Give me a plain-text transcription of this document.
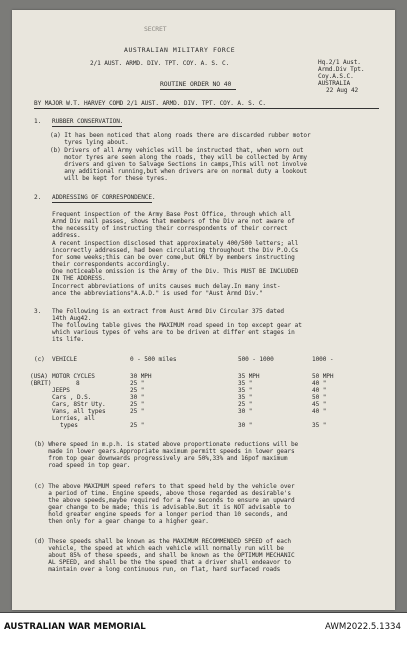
SECRET
AUSTRALIAN MILITARY FORCE
2/1 AUST. ARMD. DIV. TPT. COY. A. S. C.	Hq.2/1 Aust.
Armd.Div Tpt.
Coy.A.S.C.
AUSTRALIA
22 Aug 42
ROUTINE ORDER NO 40
BY MAJOR W.T. HARVEY COMD 2/1 AUST. ARMD. DIV. TPT. COY. A. S. C.
1. RUBBER CONSERVATION.
(a) It has been noticed that along roads there are discarded rubber motor
tyres lying about.
(b) Drivers of all Army vehicles will be instructed that, when worn out
motor tyres are seen along the roads, they will be collected by Army
drivers and given to Salvage Sections in camps,This will not involve
any additional running,but when drivers are on normal duty a lookout
will be kept for these tyres.
2. ADDRESSING OF CORRESPONDENCE.
Frequent inspection of the Army Base Post Office, through which all
Armd Div mail passes, shows that members of the Div are not aware of
the necessity of instructing their correspondents of their correct
address.
A recent inspection disclosed that approximately 400/500 letters; all
incorrectly addressed, had been circulating throughout the Div P.O.Cs
for some weeks;this can be over come,but ONLY by members instructing
their correspondents accordingly.
One noticeable omission is the Army of the Div. This MUST BE INCLUDED
IN THE ADDRESS.
Incorrect abbreviations of units causes much delay.In many inst-
ance the abbreviations"A.A.D." is used for "Aust Armd Div."
3. The Following is an extract from Aust Armd Div Circular 375 dated
14th Aug42.
The following table gives the MAXIMUM road speed in top except gear at
which various types of vehs are to be driven at differ ent stages in
its life.
(c) VEHICLE	0 - 500 miles	500 - 1000	1000 -
(USA)
(BRIT)
MOTOR CYCLES	30 MPH	35 MPH	50 MPH
8	25 "	35 "	40 "
JEEPS	25 "	35 "	40 "
Cars , D.S.	30 "	35 "	50 "
Cars, 8Str Uty.	25 "	25 "	45 "
Vans, all types	25 "	30 "	40 "
Lorries, all
types	25 "	30 "	35 "
(b) Where speed in m.p.h. is stated above proportionate reductions will be
made in lower gears.Appropriate maximum permitt speeds in lower gears
from top gear downwards progressively are 50%,33% and 16pof maximum
road speed in top gear.
(c) The above MAXIMUM speed refers to that speed held by the vehicle over
a period of time. Engine speeds, above those regarded as desirable's
the above speeds,maybe required for a few seconds to ensure an upward
gear change to be made; this is advisable.But it is NOT advisable to
hold greater engine speeds for a longer period than 10 seconds, and
then only for a gear change to a higher gear.
(d) These speeds shall be known as the MAXIMUM RECOMMENDED SPEED of each
vehicle, the speed at which each vehicle will normally run will be
about 85% of these speeds, and shall be known as the OPTIMUM MECHANIC
AL SPEED, and shall be the the speed that a driver shall endeavor to
maintain over a long continuous run, on flat, hard surfaced roads
AUSTRALIAN WAR MEMORIAL	AWM2022.5.1334
